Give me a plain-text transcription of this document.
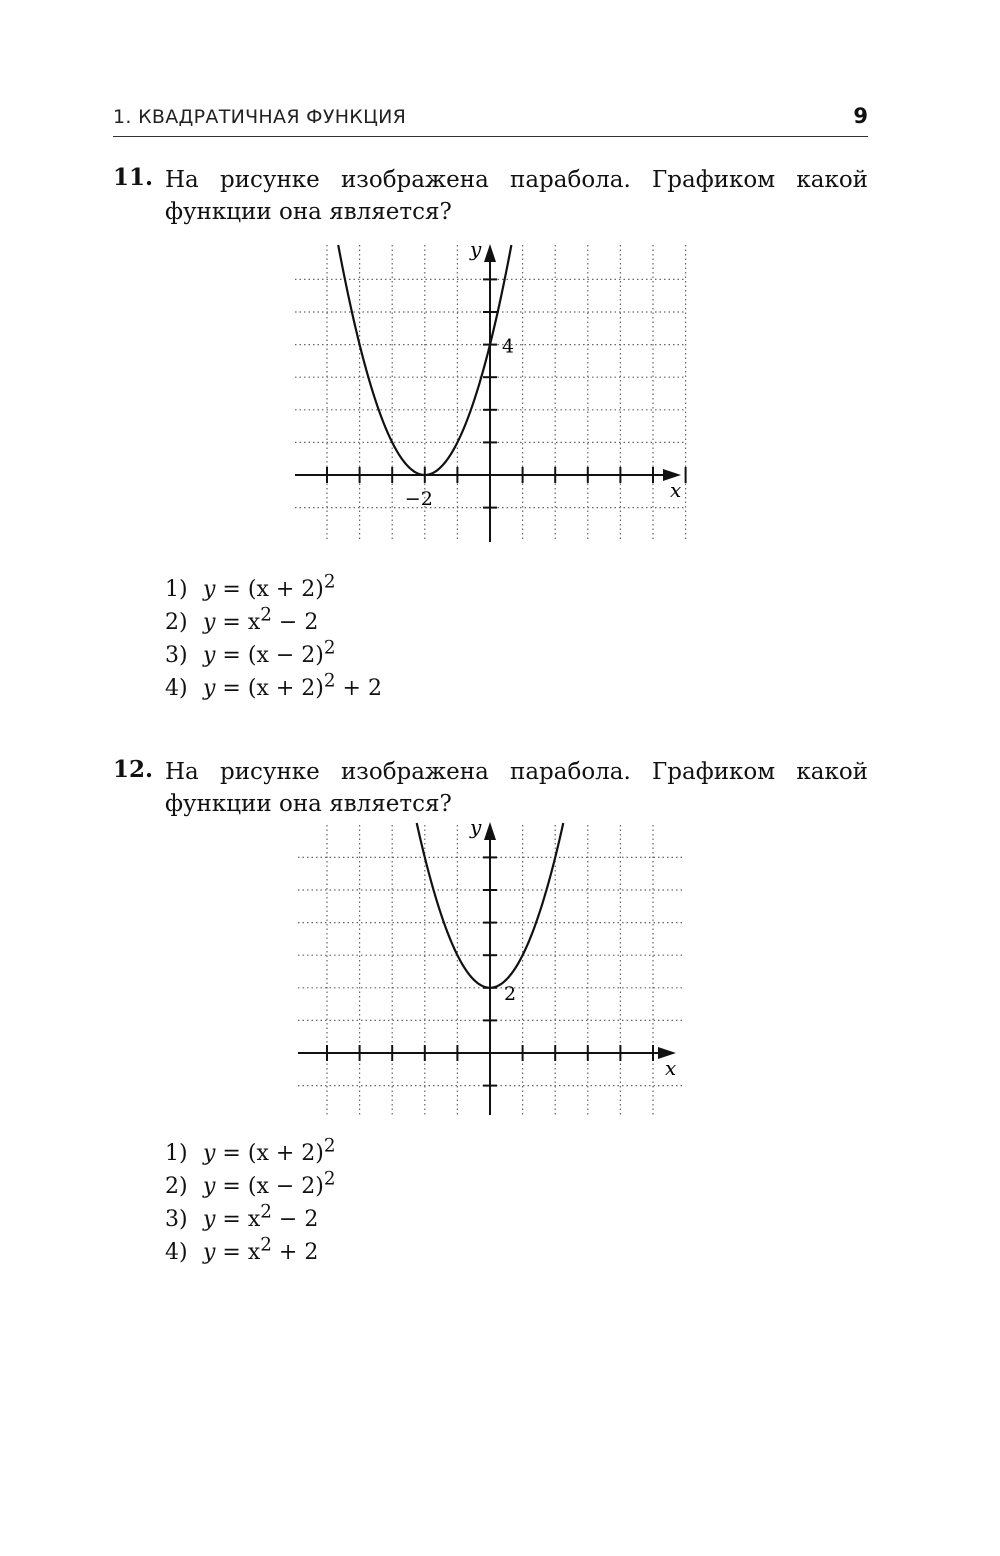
1. КВАДРАТИЧНАЯ ФУНКЦИЯ	9
11. На рисунке изображена парабола. Графиком какой функции она является?
y
x
4
−2
1) $y = (x + 2)^2$
2) $y = x^2 - 2$
3) $y = (x - 2)^2$
4) $y = (x + 2)^2 + 2$
12. На рисунке изображена парабола. Графиком какой функции она является?
y
x
2
1) $y = (x + 2)^2$
2) $y = (x - 2)^2$
3) $y = x^2 - 2$
4) $y = x^2 + 2$
